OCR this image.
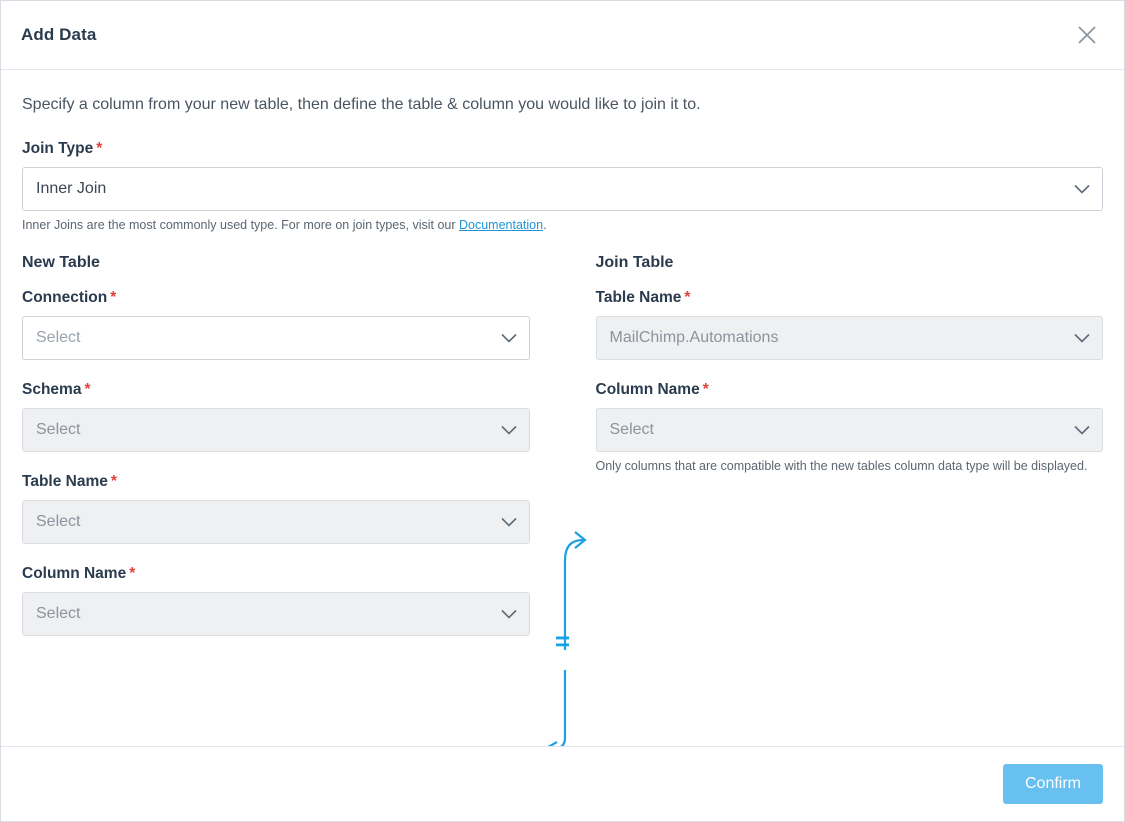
Add Data

Specify a column from your new table, then define the table & column you would like to join it to.

Join Type *
Inner Join

Inner Joins are the most commonly used type. For more on join types, visit our Documentation.

New Table
Connection *
Select
Schema *
Select
Table Name *
Select
Column Name *
Select
Join Table
Table Name *
MailChimp.Automations
Column Name *
Select

Only columns that are compatible with the new tables column data type will be displayed.

=
Confirm
